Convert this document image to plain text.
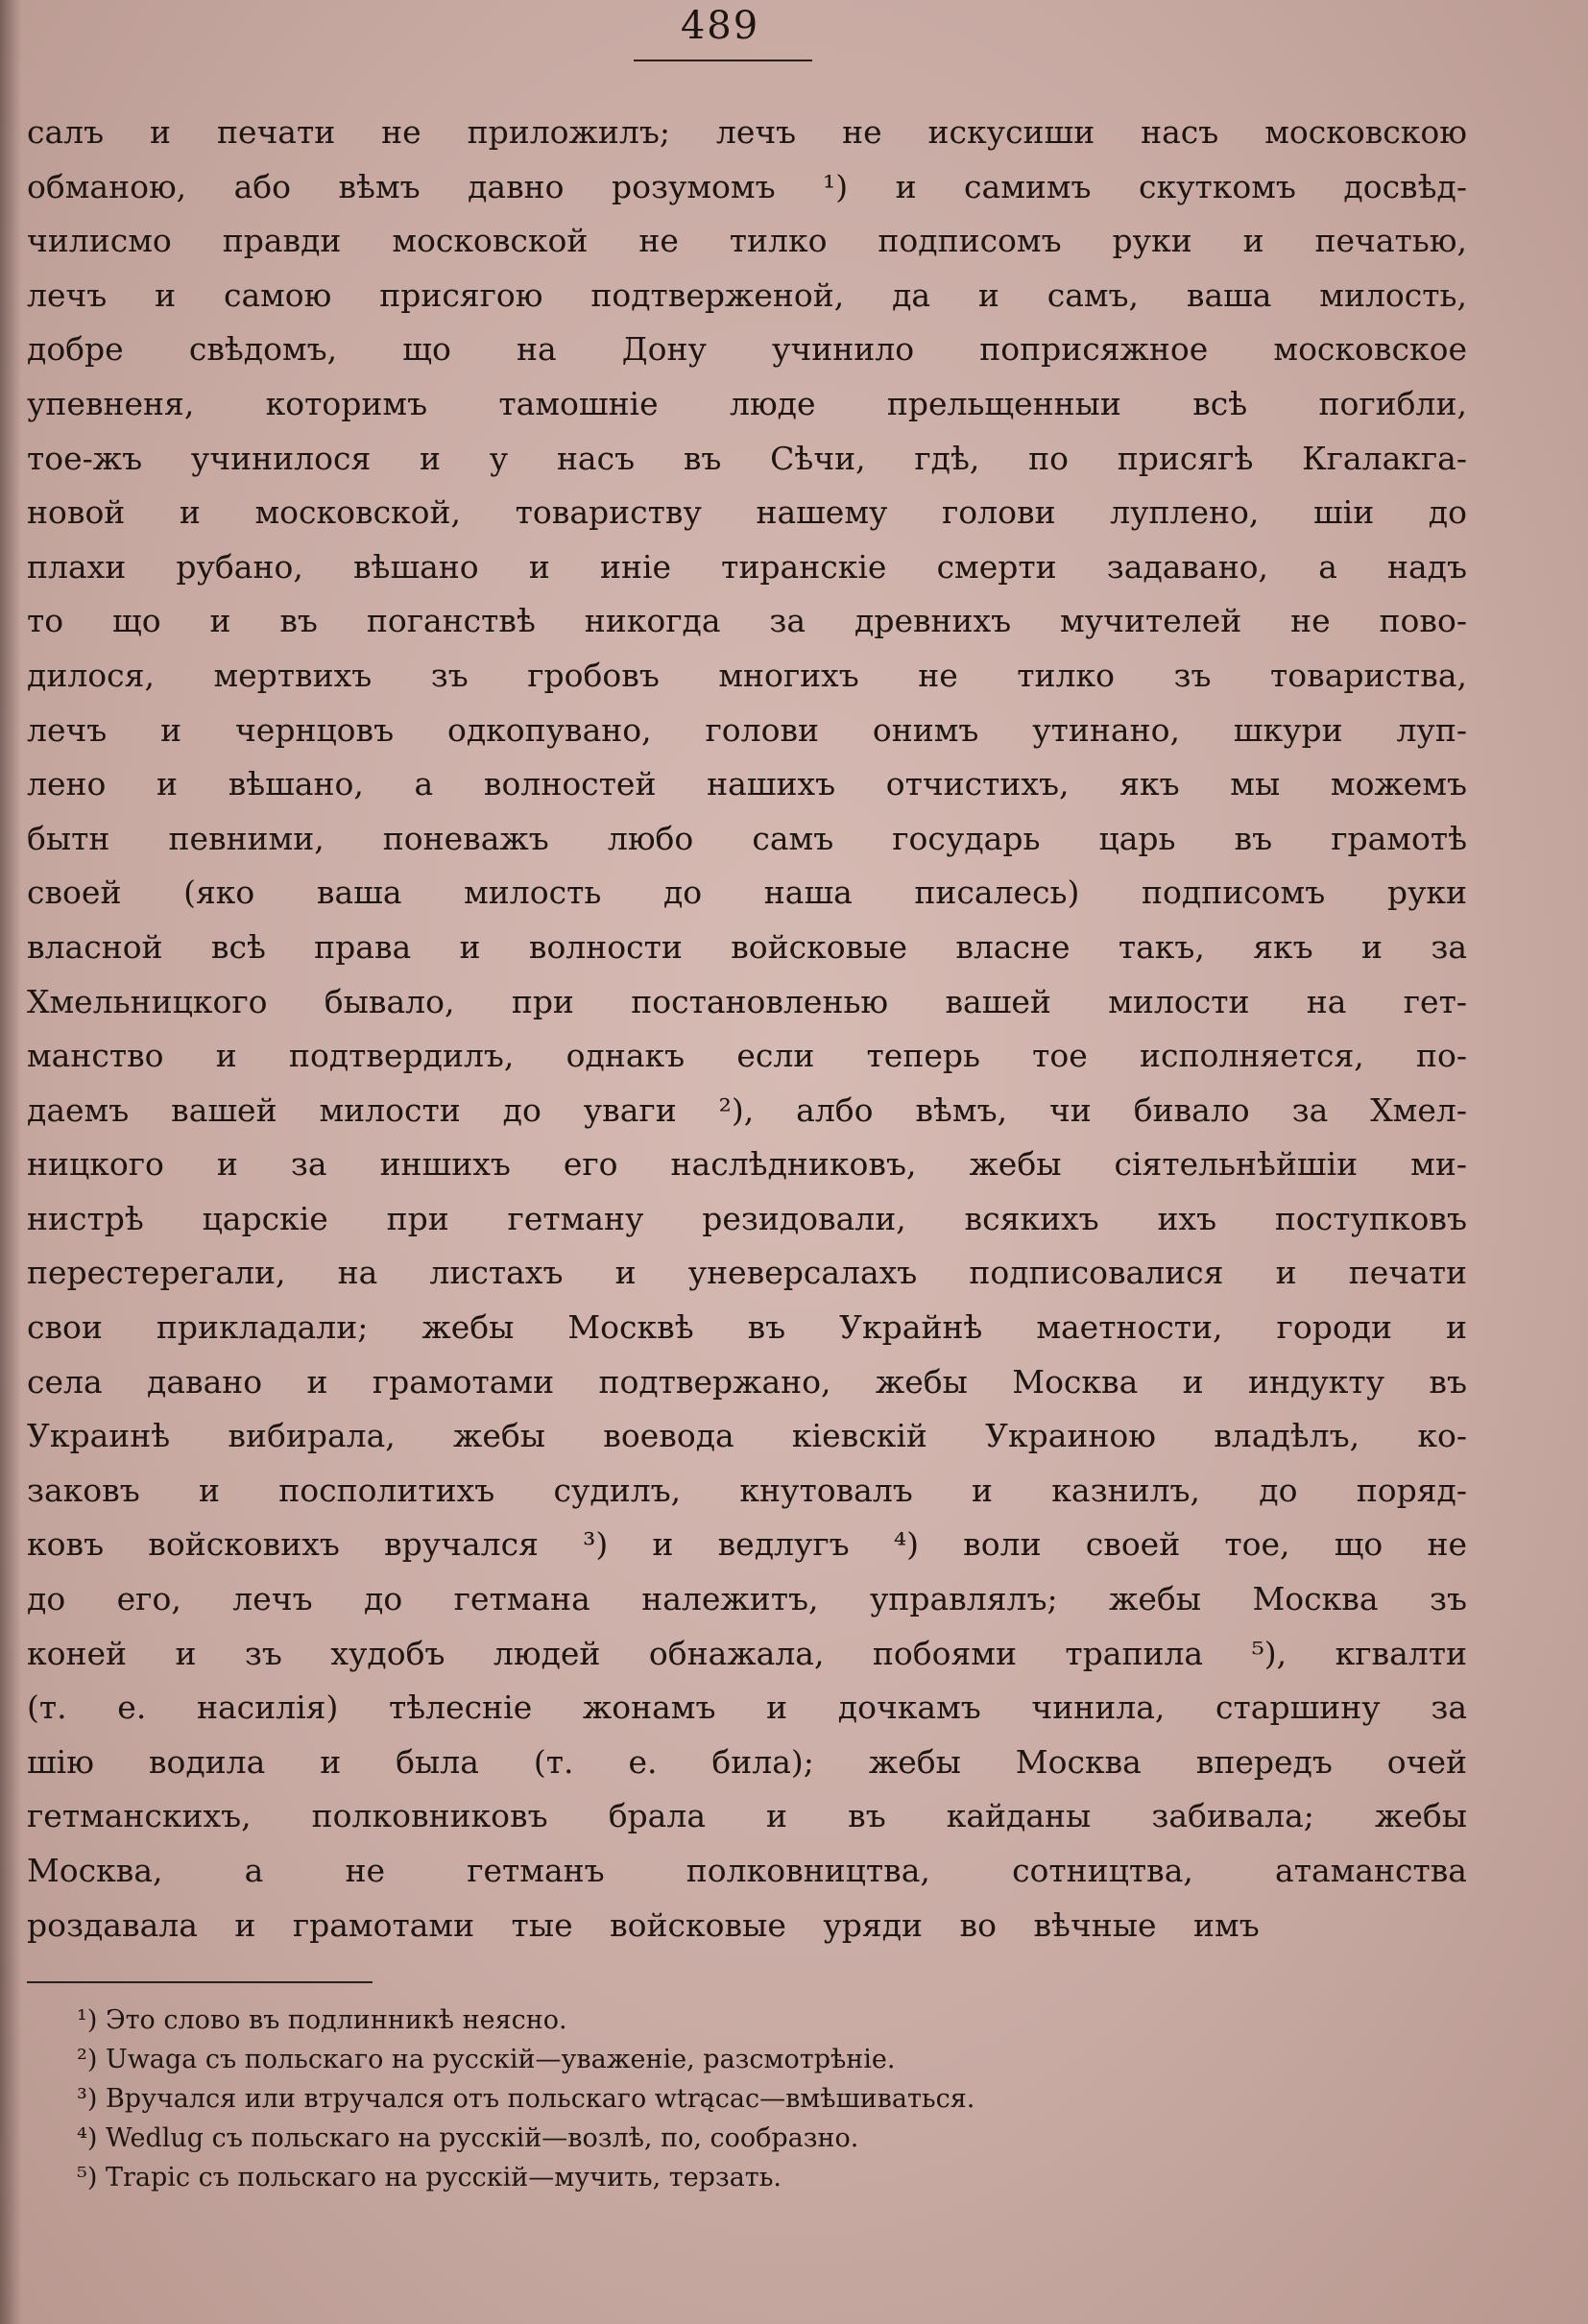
489
салъ и печати не приложилъ; лечъ не искусиши насъ московскою
обманою, або вѣмъ давно розумомъ ¹) и самимъ скуткомъ досвѣд-
чилисмо правди московской не тилко подписомъ руки и печатью,
лечъ и самою присягою подтверженой, да и самъ, ваша милость,
добре свѣдомъ, що на Дону учинило поприсяжное московское
упевненя, которимъ тамошніе люде прельщенныи всѣ погибли,
тое-жъ учинилося и у насъ въ Сѣчи, гдѣ, по присягѣ Кгалакга-
новой и московской, товариству нашему голови луплено, шіи до
плахи рубано, вѣшано и иніе тиранскіе смерти задавано, а надъ
то що и въ поганствѣ никогда за древнихъ мучителей не пово-
дилося, мертвихъ зъ гробовъ многихъ не тилко зъ товариства,
лечъ и чернцовъ одкопувано, голови онимъ утинано, шкури луп-
лено и вѣшано, а волностей нашихъ отчистихъ, якъ мы можемъ
бытн певними, поневажъ любо самъ государь царь въ грамотѣ
своей (яко ваша милость до наша писалесь) подписомъ руки
власной всѣ права и волности войсковые власне такъ, якъ и за
Хмельницкого бывало, при постановленью вашей милости на гет-
манство и подтвердилъ, однакъ если теперь тое исполняется, по-
даемъ вашей милости до уваги ²), албо вѣмъ, чи бивало за Хмел-
ницкого и за иншихъ его наслѣдниковъ, жебы сіятельнѣйшіи ми-
нистрѣ царскіе при гетману резидовали, всякихъ ихъ поступковъ
перестерегали, на листахъ и уневерсалахъ подписовалися и печати
свои прикладали; жебы Москвѣ въ Украйнѣ маетности, городи и
села давано и грамотами подтвержано, жебы Москва и индукту въ
Украинѣ вибирала, жебы воевода кіевскій Украиною владѣлъ, ко-
заковъ и посполитихъ судилъ, кнутовалъ и казнилъ, до поряд-
ковъ войсковихъ вручался ³) и ведлугъ ⁴) воли своей тое, що не
до его, лечъ до гетмана належитъ, управлялъ; жебы Москва зъ
коней и зъ худобъ людей обнажала, побоями трапила ⁵), кгвалти
(т. е. насилія) тѣлесніе жонамъ и дочкамъ чинила, старшину за
шію водила и была (т. е. била); жебы Москва впередъ очей
гетманскихъ, полковниковъ брала и въ кайданы забивала; жебы
Москва, а не гетманъ полковництва, сотництва, атаманства
роздавала и грамотами тые войсковые уряди во вѣчные имъ
¹) Это слово въ подлинникѣ неясно.
²) Uwaga съ польскаго на русскій—уваженіе, разсмотрѣніе.
³) Вручался или втручался отъ польскаго wtrącac—вмѣшиваться.
⁴) Wedlug съ польскаго на русскій—возлѣ, по, сообразно.
⁵) Trapic съ польскаго на русскій—мучить, терзать.
